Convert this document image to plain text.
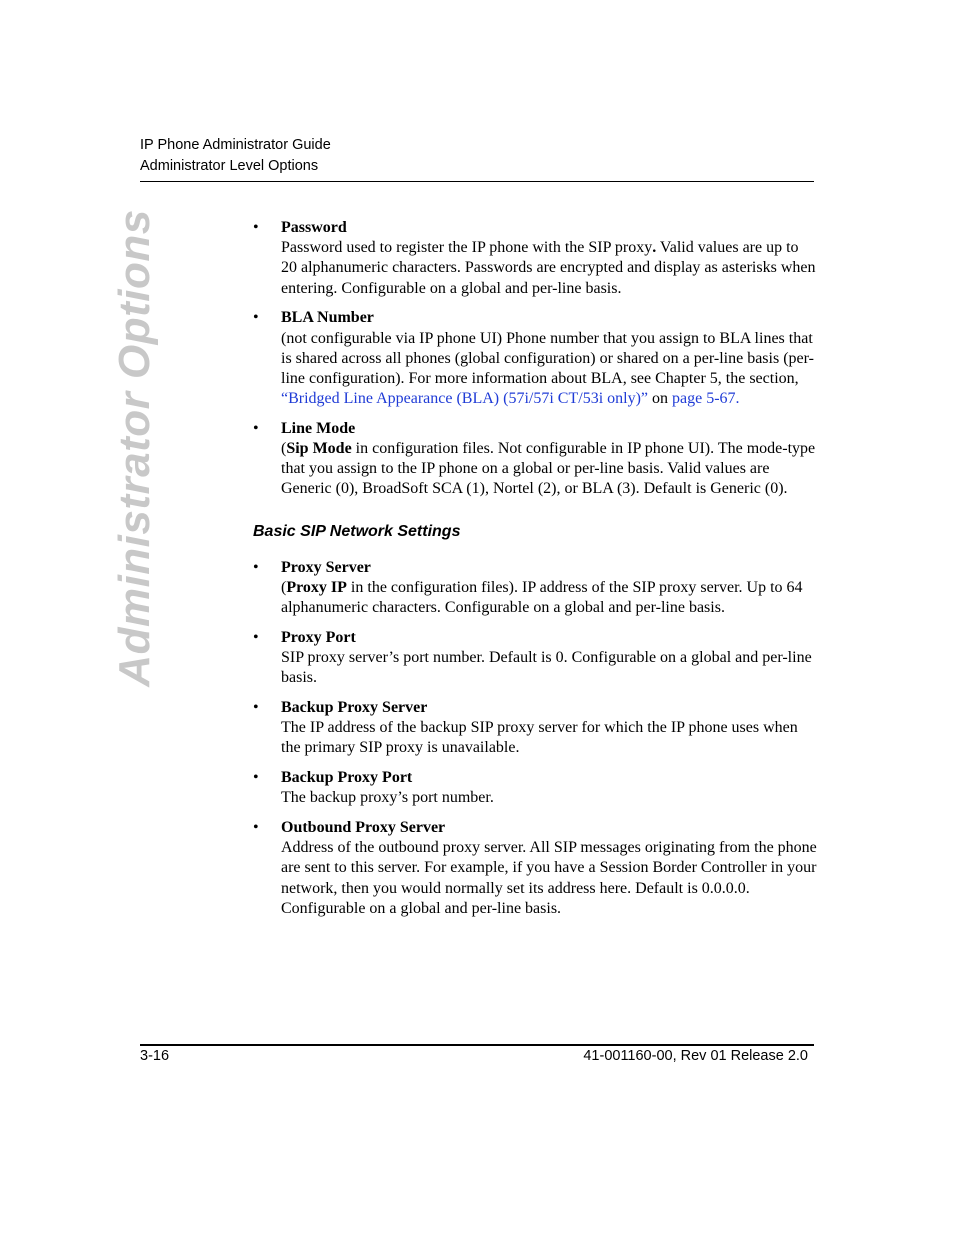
IP Phone Administrator Guide
Administrator Level Options
Administrator Options	• Password
Password used to register the IP phone with the SIP proxy. Valid values are up to 20 alphanumeric characters. Passwords are encrypted and display as asterisks when entering. Configurable on a global and per-line basis.
• BLA Number
(not configurable via IP phone UI) Phone number that you assign to BLA lines that is shared across all phones (global configuration) or shared on a per-line basis (per-line configuration). For more information about BLA, see Chapter 5, the section, “Bridged Line Appearance (BLA) (57i/57i CT/53i only)” on page 5-67.
• Line Mode
(Sip Mode in configuration files. Not configurable in IP phone UI). The mode-type that you assign to the IP phone on a global or per-line basis. Valid values are Generic (0), BroadSoft SCA (1), Nortel (2), or BLA (3). Default is Generic (0).
Basic SIP Network Settings
• Proxy Server
(Proxy IP in the configuration files). IP address of the SIP proxy server. Up to 64 alphanumeric characters. Configurable on a global and per-line basis.
• Proxy Port
SIP proxy server’s port number. Default is 0. Configurable on a global and per-line basis.
• Backup Proxy Server
The IP address of the backup SIP proxy server for which the IP phone uses when the primary SIP proxy is unavailable.
• Backup Proxy Port
The backup proxy’s port number.
• Outbound Proxy Server
Address of the outbound proxy server. All SIP messages originating from the phone are sent to this server. For example, if you have a Session Border Controller in your network, then you would normally set its address here. Default is 0.0.0.0. Configurable on a global and per-line basis.
3-16	41-001160-00, Rev 01 Release 2.0
